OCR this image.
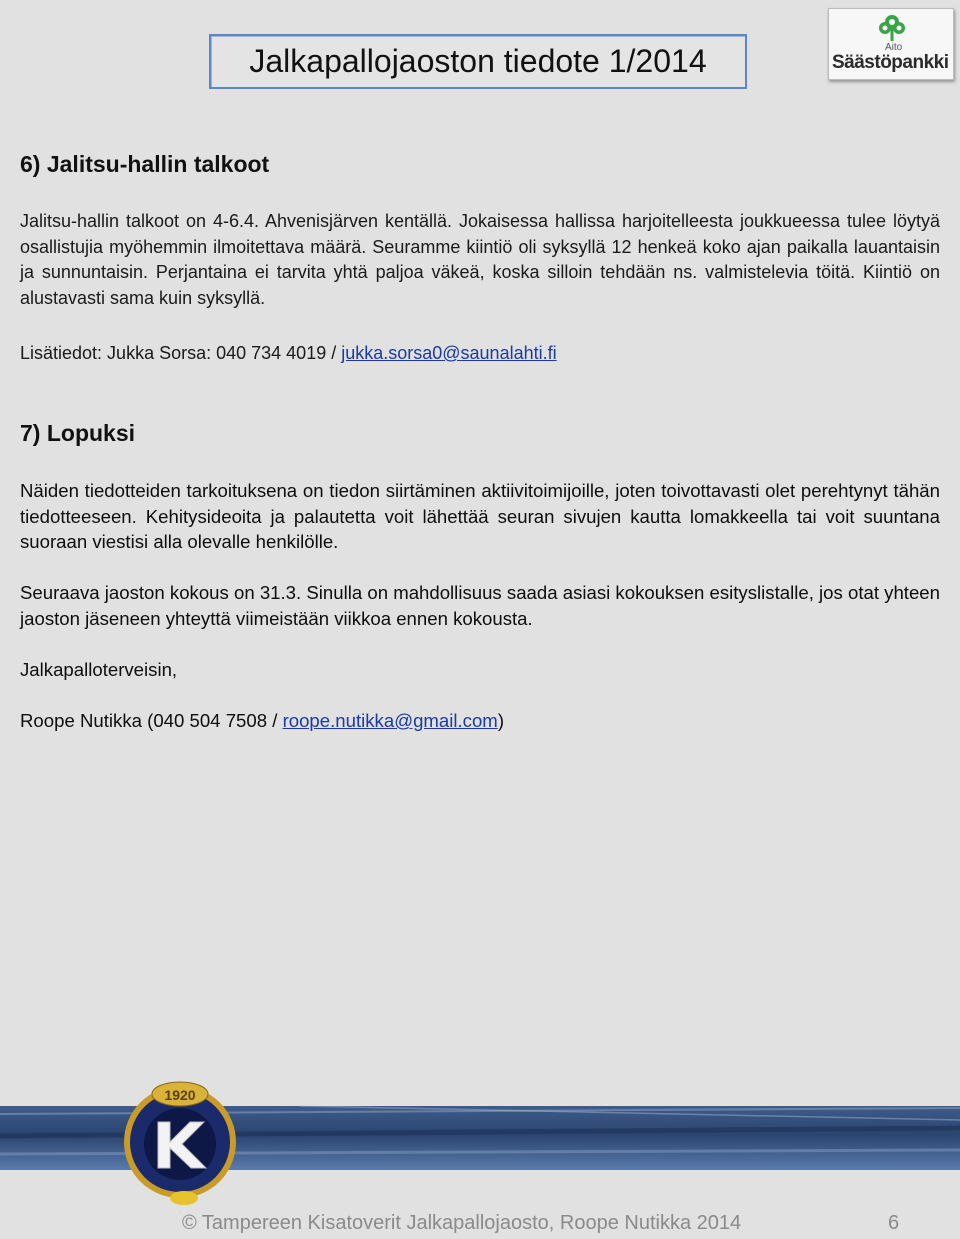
Jalkapallojaoston tiedote 1/2014	Aito
Säästöpankki
6) Jalitsu-hallin talkoot

Jalitsu-hallin talkoot on 4-6.4. Ahvenisjärven kentällä. Jokaisessa hallissa harjoitelleesta joukkueessa tulee löytyä osallistujia myöhemmin ilmoitettava määrä. Seuramme kiintiö oli syksyllä 12 henkeä koko ajan paikalla lauantaisin ja sunnuntaisin. Perjantaina ei tarvita yhtä paljoa väkeä, koska silloin tehdään ns. valmistelevia töitä. Kiintiö on alustavasti sama kuin syksyllä.

Lisätiedot: Jukka Sorsa: 040 734 4019 / jukka.sorsa0@saunalahti.fi

7) Lopuksi

Näiden tiedotteiden tarkoituksena on tiedon siirtäminen aktiivitoimijoille, joten toivottavasti olet perehtynyt tähän tiedotteeseen. Kehitysideoita ja palautetta voit lähettää seuran sivujen kautta lomakkeella tai voit suuntana suoraan viestisi alla olevalle henkilölle.

Seuraava jaoston kokous on 31.3. Sinulla on mahdollisuus saada asiasi kokouksen esityslistalle, jos otat yhteen jaoston jäseneen yhteyttä viimeistään viikkoa ennen kokousta.

Jalkapalloterveisin,

Roope Nutikka (040 504 7508 / roope.nutikka@gmail.com)

1920
K © Tampereen Kisatoverit Jalkapallojaosto, Roope Nutikka 2014	6
